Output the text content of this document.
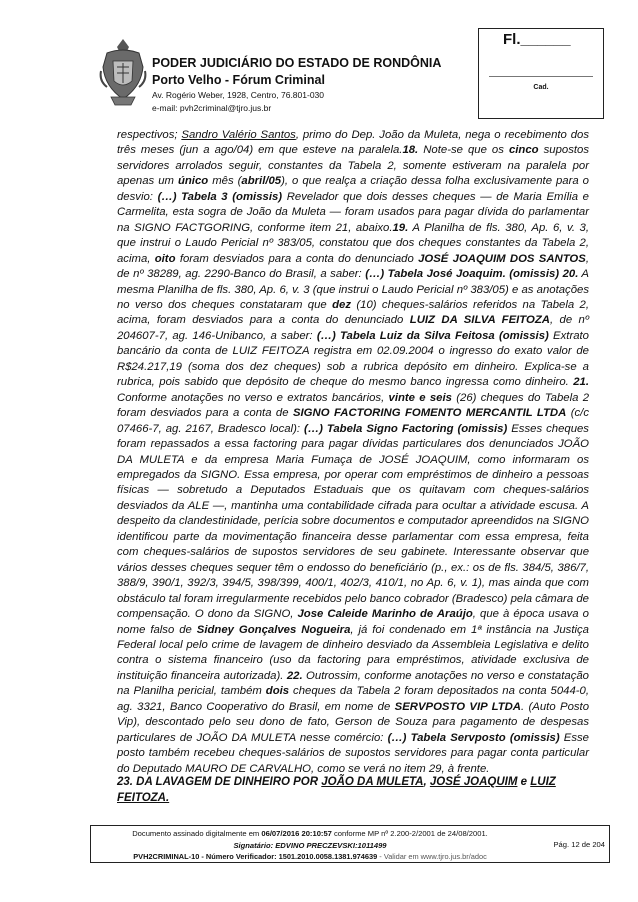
PODER JUDICIÁRIO DO ESTADO DE RONDÔNIA
Porto Velho - Fórum Criminal
Av. Rogério Weber, 1928, Centro, 76.801-030
e-mail: pvh2criminal@tjro.jus.br
Fl.______
Cad.

respectivos; Sandro Valério Santos, primo do Dep. João da Muleta, nega o recebimento dos três meses (jun a ago/04) em que esteve na paralela.18. Note-se que os cinco supostos servidores arrolados seguir, constantes da Tabela 2, somente estiveram na paralela por apenas um único mês (abril/05), o que realça a criação dessa folha exclusivamente para o desvio: (…) Tabela 3 (omissis) Revelador que dois desses cheques — de Maria Emília e Carmelita, esta sogra de João da Muleta — foram usados para pagar dívida do parlamentar na SIGNO FACTGORING, conforme item 21, abaixo.19. A Planilha de fls. 380, Ap. 6, v. 3, que instrui o Laudo Pericial nº 383/05, constatou que dos cheques constantes da Tabela 2, acima, oito foram desviados para a conta do denunciado JOSÉ JOAQUIM DOS SANTOS, de nº 38289, ag. 2290-Banco do Brasil, a saber: (…) Tabela José Joaquim. (omissis) 20. A mesma Planilha de fls. 380, Ap. 6, v. 3 (que instrui o Laudo Pericial nº 383/05) e as anotações no verso dos cheques constataram que dez (10) cheques-salários referidos na Tabela 2, acima, foram desviados para a conta do denunciado LUIZ DA SILVA FEITOZA, de nº 204607-7, ag. 146-Unibanco, a saber: (…) Tabela Luiz da Silva Feitosa (omissis) Extrato bancário da conta de LUIZ FEITOZA registra em 02.09.2004 o ingresso do exato valor de R$24.217,19 (soma dos dez cheques) sob a rubrica depósito em dinheiro. Explica-se a rubrica, pois sabido que depósito de cheque do mesmo banco ingressa como dinheiro. 21. Conforme anotações no verso e extratos bancários, vinte e seis (26) cheques do Tabela 2 foram desviados para a conta de SIGNO FACTORING FOMENTO MERCANTIL LTDA (c/c 07466-7, ag. 2167, Bradesco local): (…) Tabela Signo Factoring (omissis) Esses cheques foram repassados a essa factoring para pagar dívidas particulares dos denunciados JOÃO DA MULETA e da empresa Maria Fumaça de JOSÉ JOAQUIM, como informaram os empregados da SIGNO. Essa empresa, por operar com empréstimos de dinheiro a pessoas físicas — sobretudo a Deputados Estaduais que os quitavam com cheques-salários desviados da ALE —, mantinha uma contabilidade cifrada para ocultar a atividade escusa. A despeito da clandestinidade, perícia sobre documentos e computador apreendidos na SIGNO identificou parte da movimentação financeira desse parlamentar com essa empresa, feita com cheques-salários de supostos servidores de seu gabinete. Interessante observar que vários desses cheques sequer têm o endosso do beneficiário (p., ex.: os de fls. 384/5, 386/7, 388/9, 390/1, 392/3, 394/5, 398/399, 400/1, 402/3, 410/1, no Ap. 6, v. 1), mas ainda que com obstáculo tal foram irregularmente recebidos pelo banco cobrador (Bradesco) pela câmara de compensação. O dono da SIGNO, Jose Caleide Marinho de Araújo, que à época usava o nome falso de Sidney Gonçalves Nogueira, já foi condenado em 1ª instância na Justiça Federal local pelo crime de lavagem de dinheiro desviado da Assembleia Legislativa e delito contra o sistema financeiro (uso da factoring para empréstimos, atividade exclusiva de instituição financeira autorizada). 22. Outrossim, conforme anotações no verso e constatação na Planilha pericial, também dois cheques da Tabela 2 foram depositados na conta 5044-0, ag. 3321, Banco Cooperativo do Brasil, em nome de SERVPOSTO VIP LTDA. (Auto Posto Vip), descontado pelo seu dono de fato, Gerson de Souza para pagamento de despesas particulares de JOÃO DA MULETA nesse comércio: (…) Tabela Servposto (omissis) Esse posto também recebeu cheques-salários de supostos servidores para pagar conta particular do Deputado MAURO DE CARVALHO, como se verá no item 29, à frente.

23. DA LAVAGEM DE DINHEIRO POR JOÃO DA MULETA, JOSÉ JOAQUIM e LUIZ FEITOZA.
Documento assinado digitalmente em 06/07/2016 20:10:57 conforme MP nº 2.200-2/2001 de 24/08/2001.
Signatário: EDVINO PRECZEVSKI:1011499
PVH2CRIMINAL-10 - Número Verificador: 1501.2010.0058.1381.974639 - Validar em www.tjro.jus.br/adoc
Pág. 12 de 204
